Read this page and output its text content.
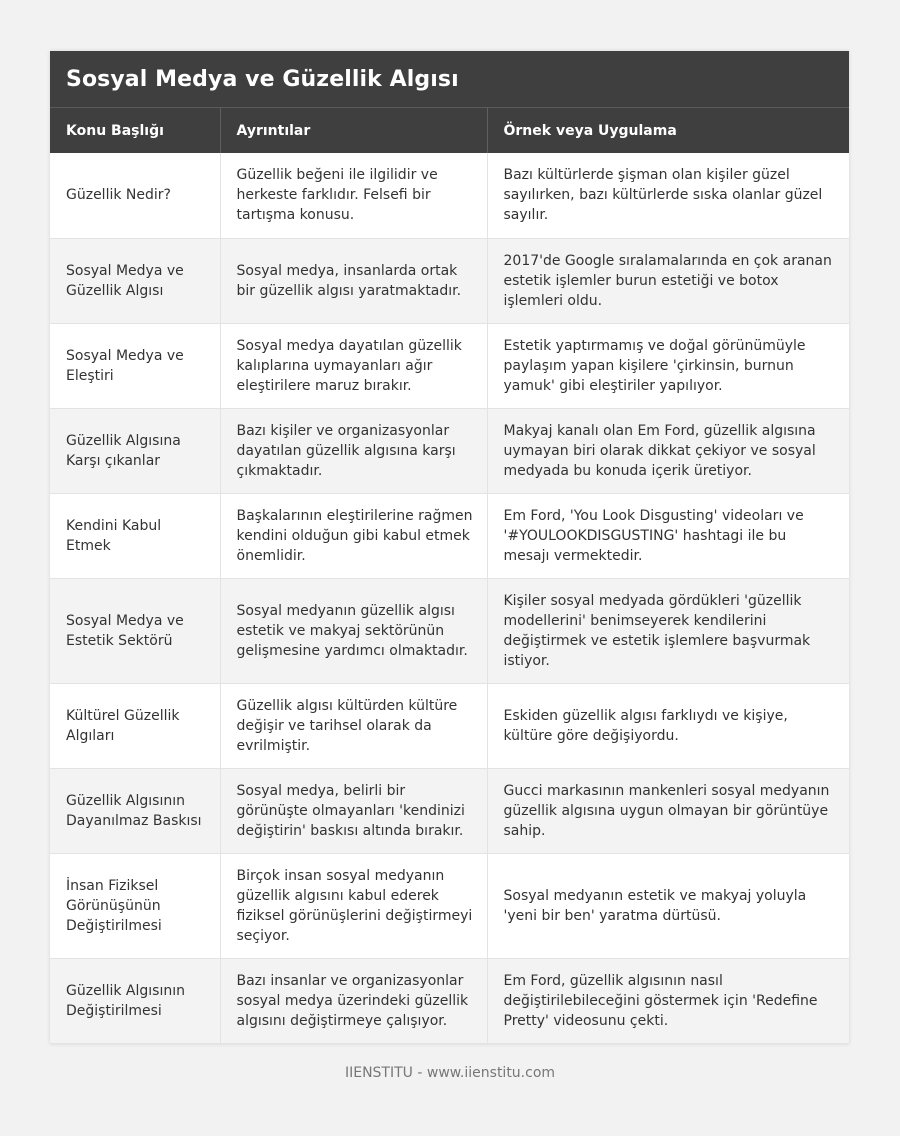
Sosyal Medya ve Güzellik Algısı
Konu Başlığı	Ayrıntılar	Örnek veya Uygulama
Güzellik Nedir?	Güzellik beğeni ile ilgilidir ve herkeste farklıdır. Felsefi bir tartışma konusu.	Bazı kültürlerde şişman olan kişiler güzel sayılırken, bazı kültürlerde sıska olanlar güzel sayılır.
Sosyal Medya ve Güzellik Algısı	Sosyal medya, insanlarda ortak bir güzellik algısı yaratmaktadır.	2017'de Google sıralamalarında en çok aranan estetik işlemler burun estetiği ve botox işlemleri oldu.
Sosyal Medya ve Eleştiri	Sosyal medya dayatılan güzellik kalıplarına uymayanları ağır eleştirilere maruz bırakır.	Estetik yaptırmamış ve doğal görünümüyle paylaşım yapan kişilere 'çirkinsin, burnun yamuk' gibi eleştiriler yapılıyor.
Güzellik Algısına Karşı çıkanlar	Bazı kişiler ve organizasyonlar dayatılan güzellik algısına karşı çıkmaktadır.	Makyaj kanalı olan Em Ford, güzellik algısına uymayan biri olarak dikkat çekiyor ve sosyal medyada bu konuda içerik üretiyor.
Kendini Kabul Etmek	Başkalarının eleştirilerine rağmen kendini olduğun gibi kabul etmek önemlidir.	Em Ford, 'You Look Disgusting' videoları ve '#YOULOOKDISGUSTING' hashtagi ile bu mesajı vermektedir.
Sosyal Medya ve Estetik Sektörü	Sosyal medyanın güzellik algısı estetik ve makyaj sektörünün gelişmesine yardımcı olmaktadır.	Kişiler sosyal medyada gördükleri 'güzellik modellerini' benimseyerek kendilerini değiştirmek ve estetik işlemlere başvurmak istiyor.
Kültürel Güzellik Algıları	Güzellik algısı kültürden kültüre değişir ve tarihsel olarak da evrilmiştir.	Eskiden güzellik algısı farklıydı ve kişiye, kültüre göre değişiyordu.
Güzellik Algısının Dayanılmaz Baskısı	Sosyal medya, belirli bir görünüşte olmayanları 'kendinizi değiştirin' baskısı altında bırakır.	Gucci markasının mankenleri sosyal medyanın güzellik algısına uygun olmayan bir görüntüye sahip.
İnsan Fiziksel Görünüşünün Değiştirilmesi	Birçok insan sosyal medyanın güzellik algısını kabul ederek fiziksel görünüşlerini değiştirmeyi seçiyor.	Sosyal medyanın estetik ve makyaj yoluyla 'yeni bir ben' yaratma dürtüsü.
Güzellik Algısının Değiştirilmesi	Bazı insanlar ve organizasyonlar sosyal medya üzerindeki güzellik algısını değiştirmeye çalışıyor.	Em Ford, güzellik algısının nasıl değiştirilebileceğini göstermek için 'Redefine Pretty' videosunu çekti.
IIENSTITU - www.iienstitu.com
